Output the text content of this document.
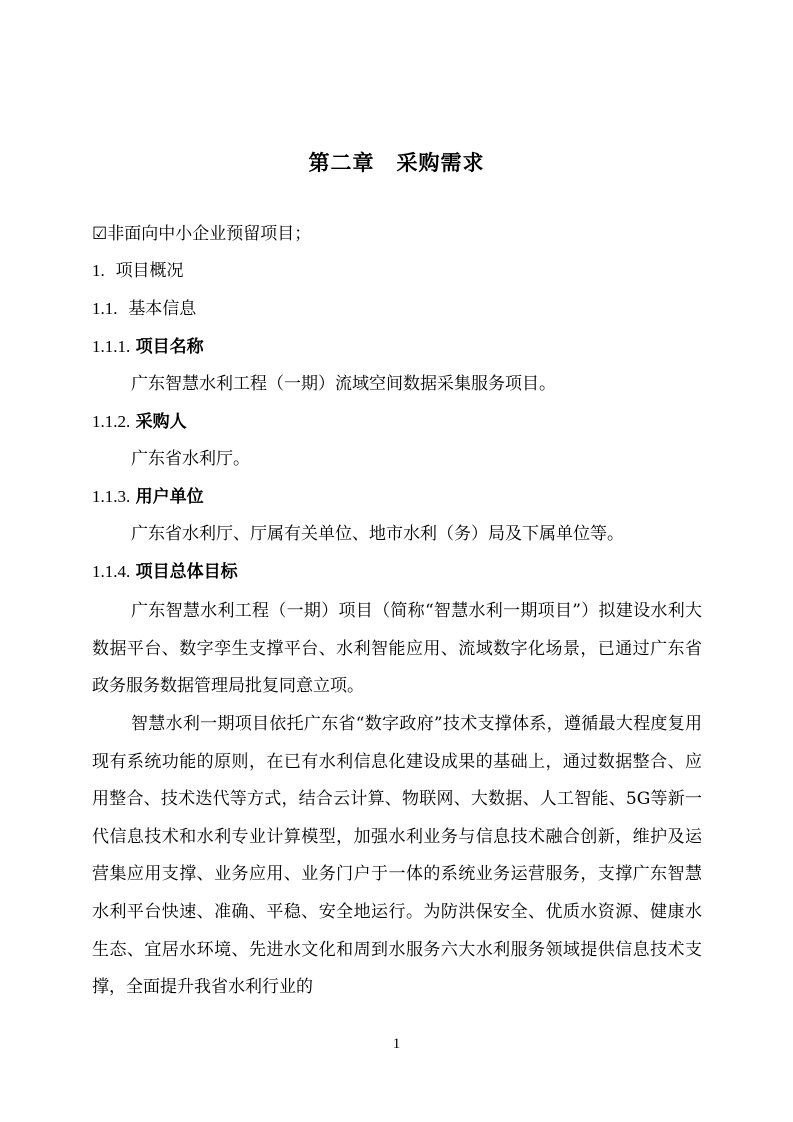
第二章　采购需求
☑非面向中小企业预留项目；
1. 项目概况
1.1. 基本信息
1.1.1. 项目名称
广东智慧水利工程（一期）流域空间数据采集服务项目。
1.1.2. 采购人
广东省水利厅。
1.1.3. 用户单位
广东省水利厅、厅属有关单位、地市水利（务）局及下属单位等。
1.1.4. 项目总体目标
广东智慧水利工程（一期）项目（简称“智慧水利一期项目”）拟建设水利大数据平台、数字孪生支撑平台、水利智能应用、流域数字化场景，已通过广东省政务服务数据管理局批复同意立项。
智慧水利一期项目依托广东省“数字政府”技术支撑体系，遵循最大程度复用现有系统功能的原则，在已有水利信息化建设成果的基础上，通过数据整合、应用整合、技术迭代等方式，结合云计算、物联网、大数据、人工智能、5G等新一代信息技术和水利专业计算模型，加强水利业务与信息技术融合创新，维护及运营集应用支撑、业务应用、业务门户于一体的系统业务运营服务，支撑广东智慧水利平台快速、准确、平稳、安全地运行。为防洪保安全、优质水资源、健康水生态、宜居水环境、先进水文化和周到水服务六大水利服务领域提供信息技术支撑，全面提升我省水利行业的
1
